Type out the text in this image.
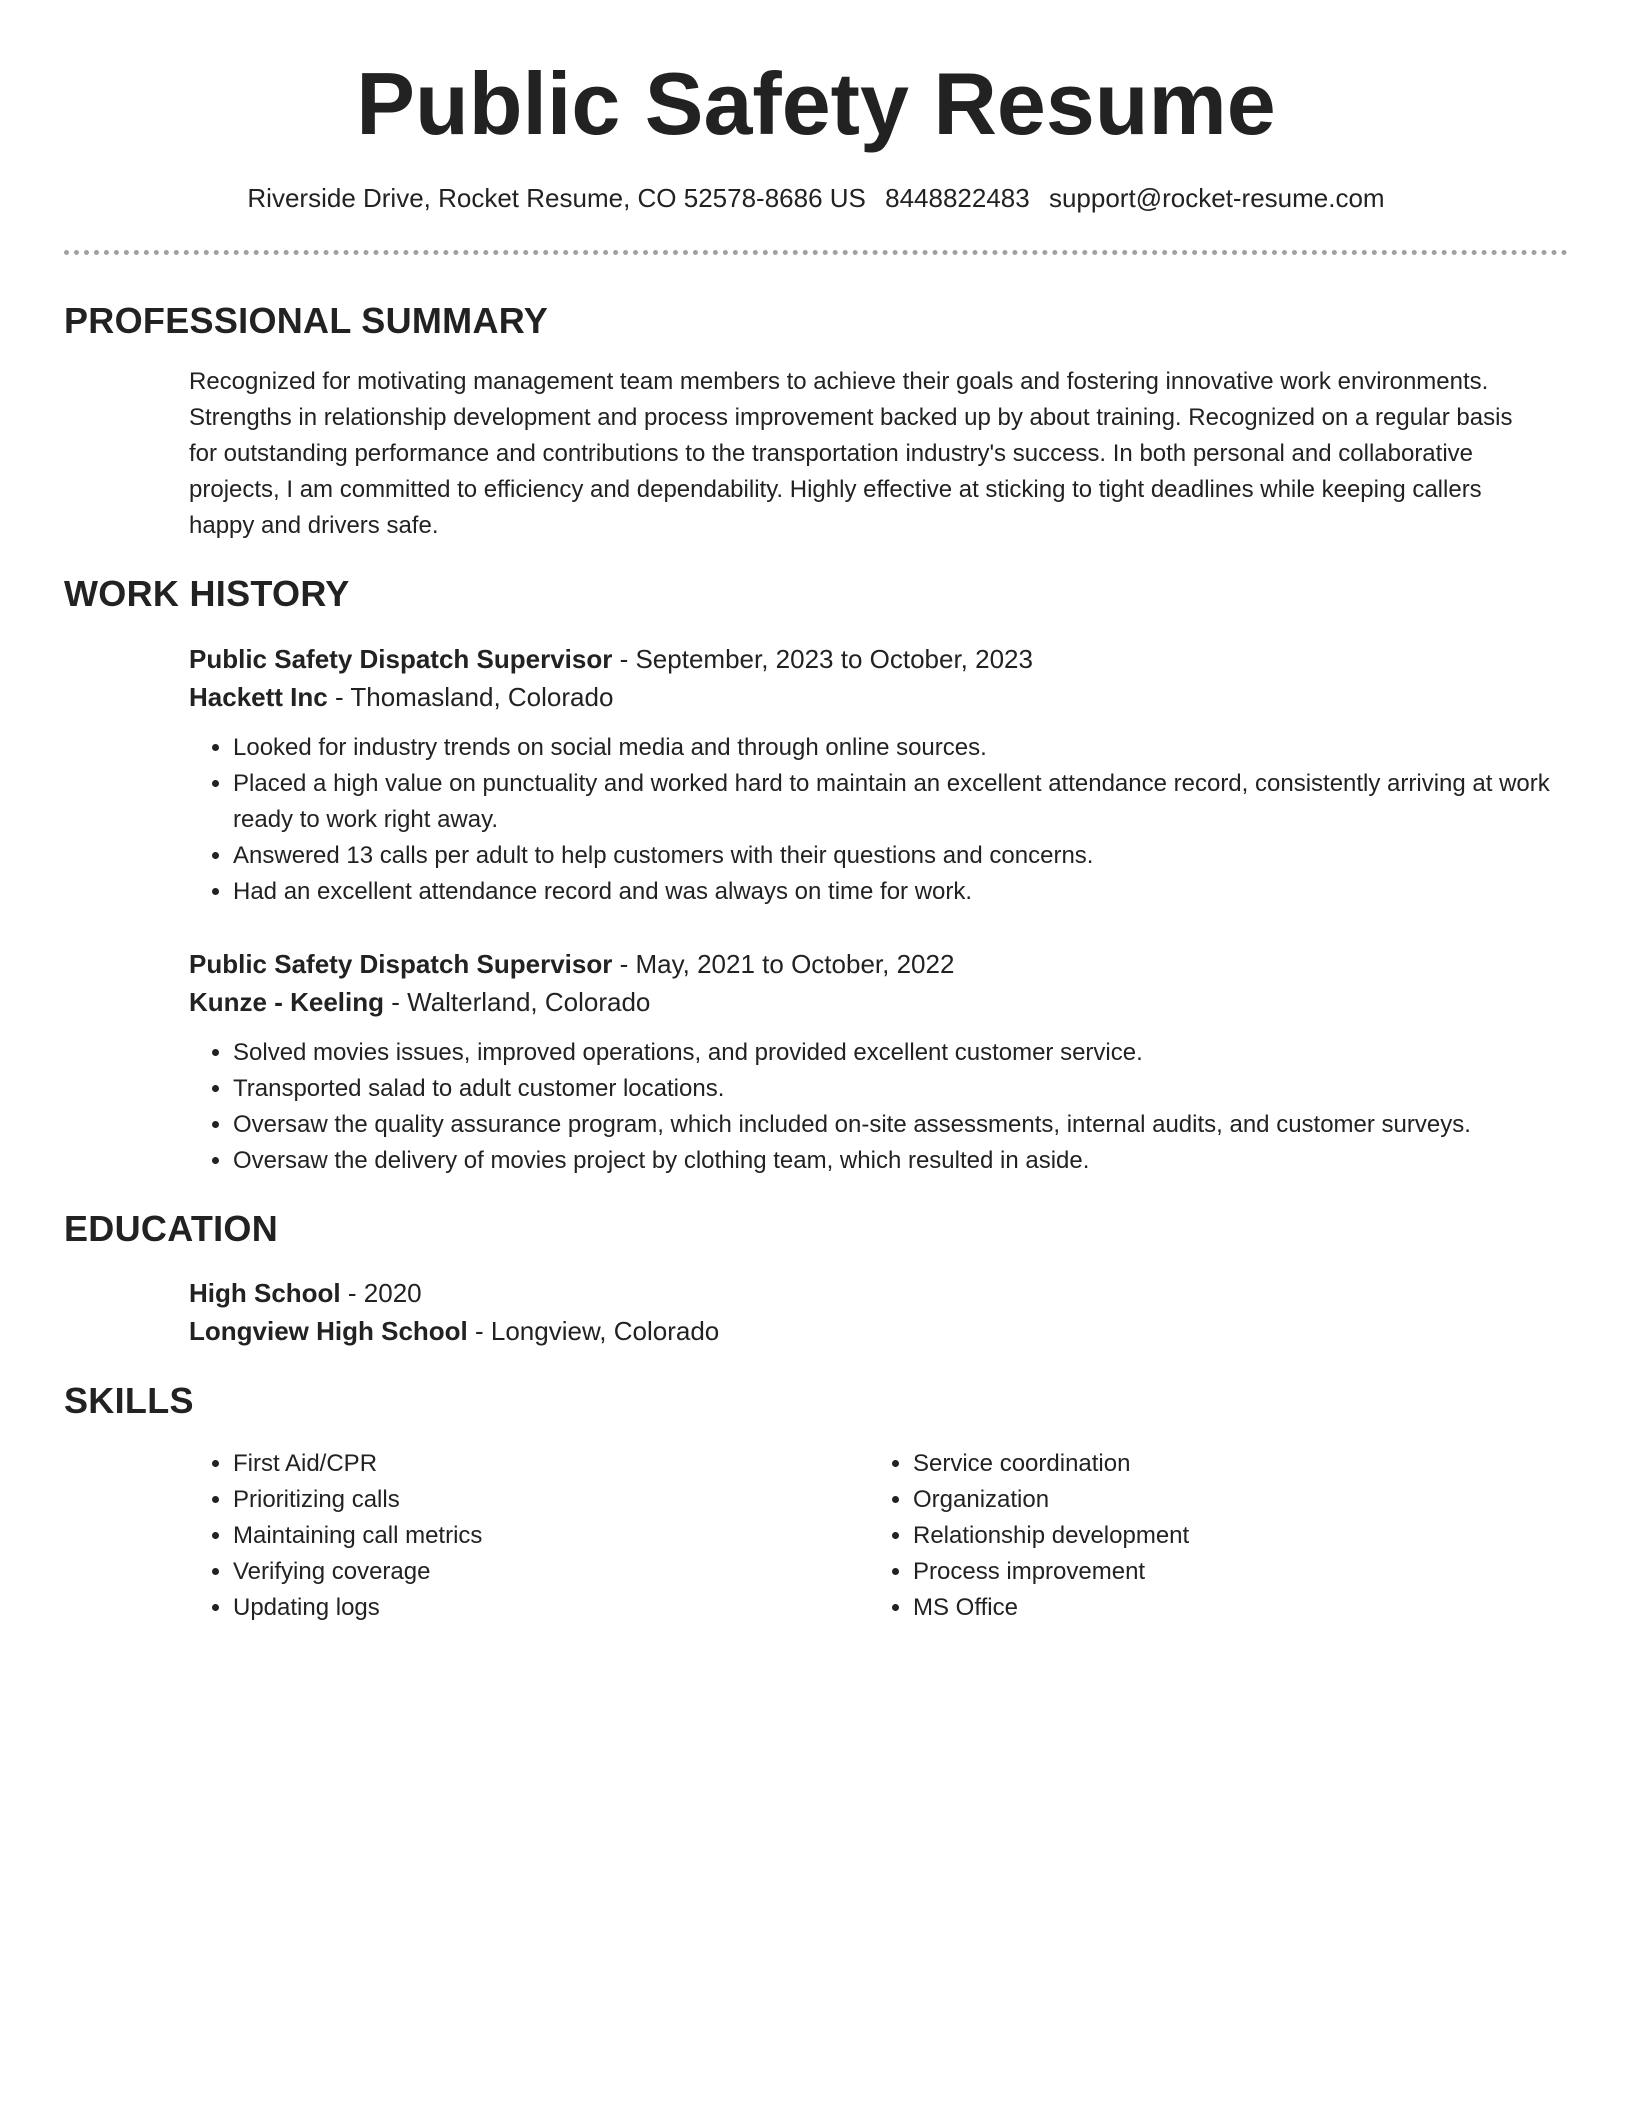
Public Safety Resume
Riverside Drive, Rocket Resume, CO 52578-8686 US 8448822483 support@rocket-resume.com
PROFESSIONAL SUMMARY
Recognized for motivating management team members to achieve their goals and fostering innovative work environments.
Strengths in relationship development and process improvement backed up by about training. Recognized on a regular basis
for outstanding performance and contributions to the transportation industry's success. In both personal and collaborative
projects, I am committed to efficiency and dependability. Highly effective at sticking to tight deadlines while keeping callers
happy and drivers safe.
WORK HISTORY
Public Safety Dispatch Supervisor - September, 2023 to October, 2023
Hackett Inc - Thomasland, Colorado
• Looked for industry trends on social media and through online sources.
• Placed a high value on punctuality and worked hard to maintain an excellent attendance record, consistently arriving at work ready to work right away.
• Answered 13 calls per adult to help customers with their questions and concerns.
• Had an excellent attendance record and was always on time for work.
Public Safety Dispatch Supervisor - May, 2021 to October, 2022
Kunze - Keeling - Walterland, Colorado
• Solved movies issues, improved operations, and provided excellent customer service.
• Transported salad to adult customer locations.
• Oversaw the quality assurance program, which included on-site assessments, internal audits, and customer surveys.
• Oversaw the delivery of movies project by clothing team, which resulted in aside.
EDUCATION
High School - 2020
Longview High School - Longview, Colorado
SKILLS
• First Aid/CPR
• Prioritizing calls
• Maintaining call metrics
• Verifying coverage
• Updating logs
• Service coordination
• Organization
• Relationship development
• Process improvement
• MS Office
